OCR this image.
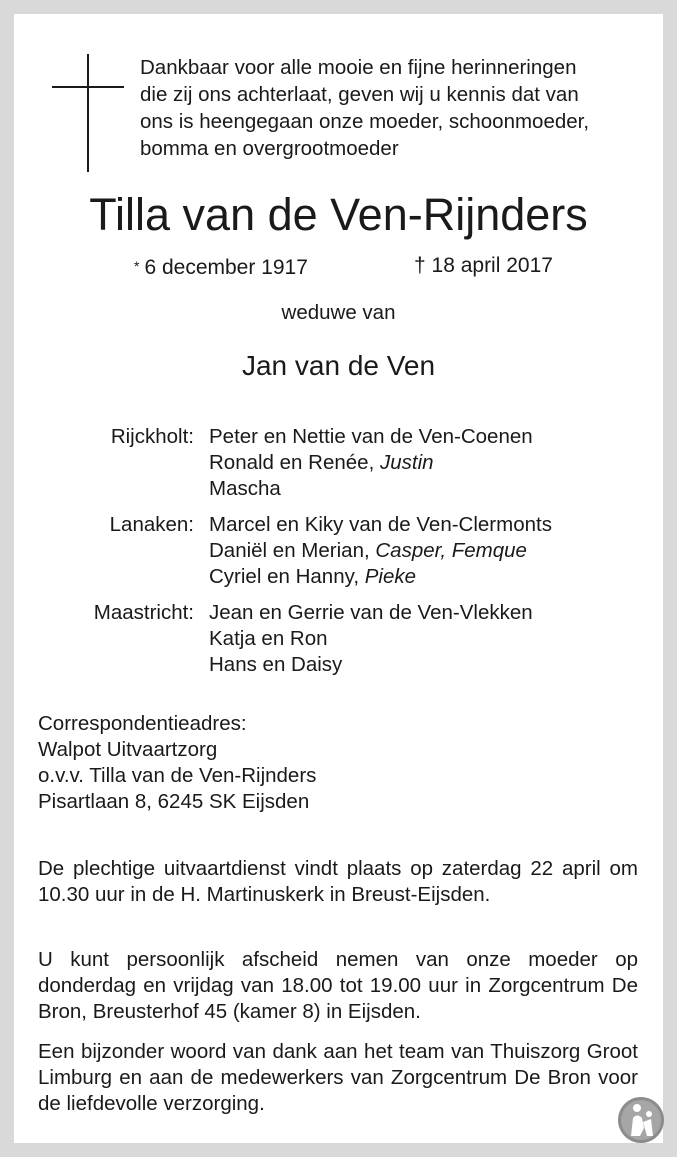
Dankbaar voor alle mooie en fijne herinneringen
die zij ons achterlaat, geven wij u kennis dat van
ons is heengegaan onze moeder, schoonmoeder,
bomma en overgrootmoeder
Tilla van de Ven-Rijnders
* 6 december 1917	† 18 april 2017
weduwe van
Jan van de Ven
Rijckholt: Peter en Nettie van de Ven-Coenen
Ronald en Renée, Justin
Mascha
Lanaken: Marcel en Kiky van de Ven-Clermonts
Daniël en Merian, Casper, Femque
Cyriel en Hanny, Pieke
Maastricht: Jean en Gerrie van de Ven-Vlekken
Katja en Ron
Hans en Daisy
Correspondentieadres:
Walpot Uitvaartzorg
o.v.v. Tilla van de Ven-Rijnders
Pisartlaan 8, 6245 SK Eijsden
De plechtige uitvaartdienst vindt plaats op zaterdag 22 april om 10.30 uur in de H. Martinuskerk in Breust-Eijsden.
U kunt persoonlijk afscheid nemen van onze moeder op donderdag en vrijdag van 18.00 tot 19.00 uur in Zorgcentrum De Bron, Breusterhof 45 (kamer 8) in Eijsden.
Een bijzonder woord van dank aan het team van Thuiszorg Groot Limburg en aan de medewerkers van Zorgcentrum De Bron voor de liefdevolle verzorging.
